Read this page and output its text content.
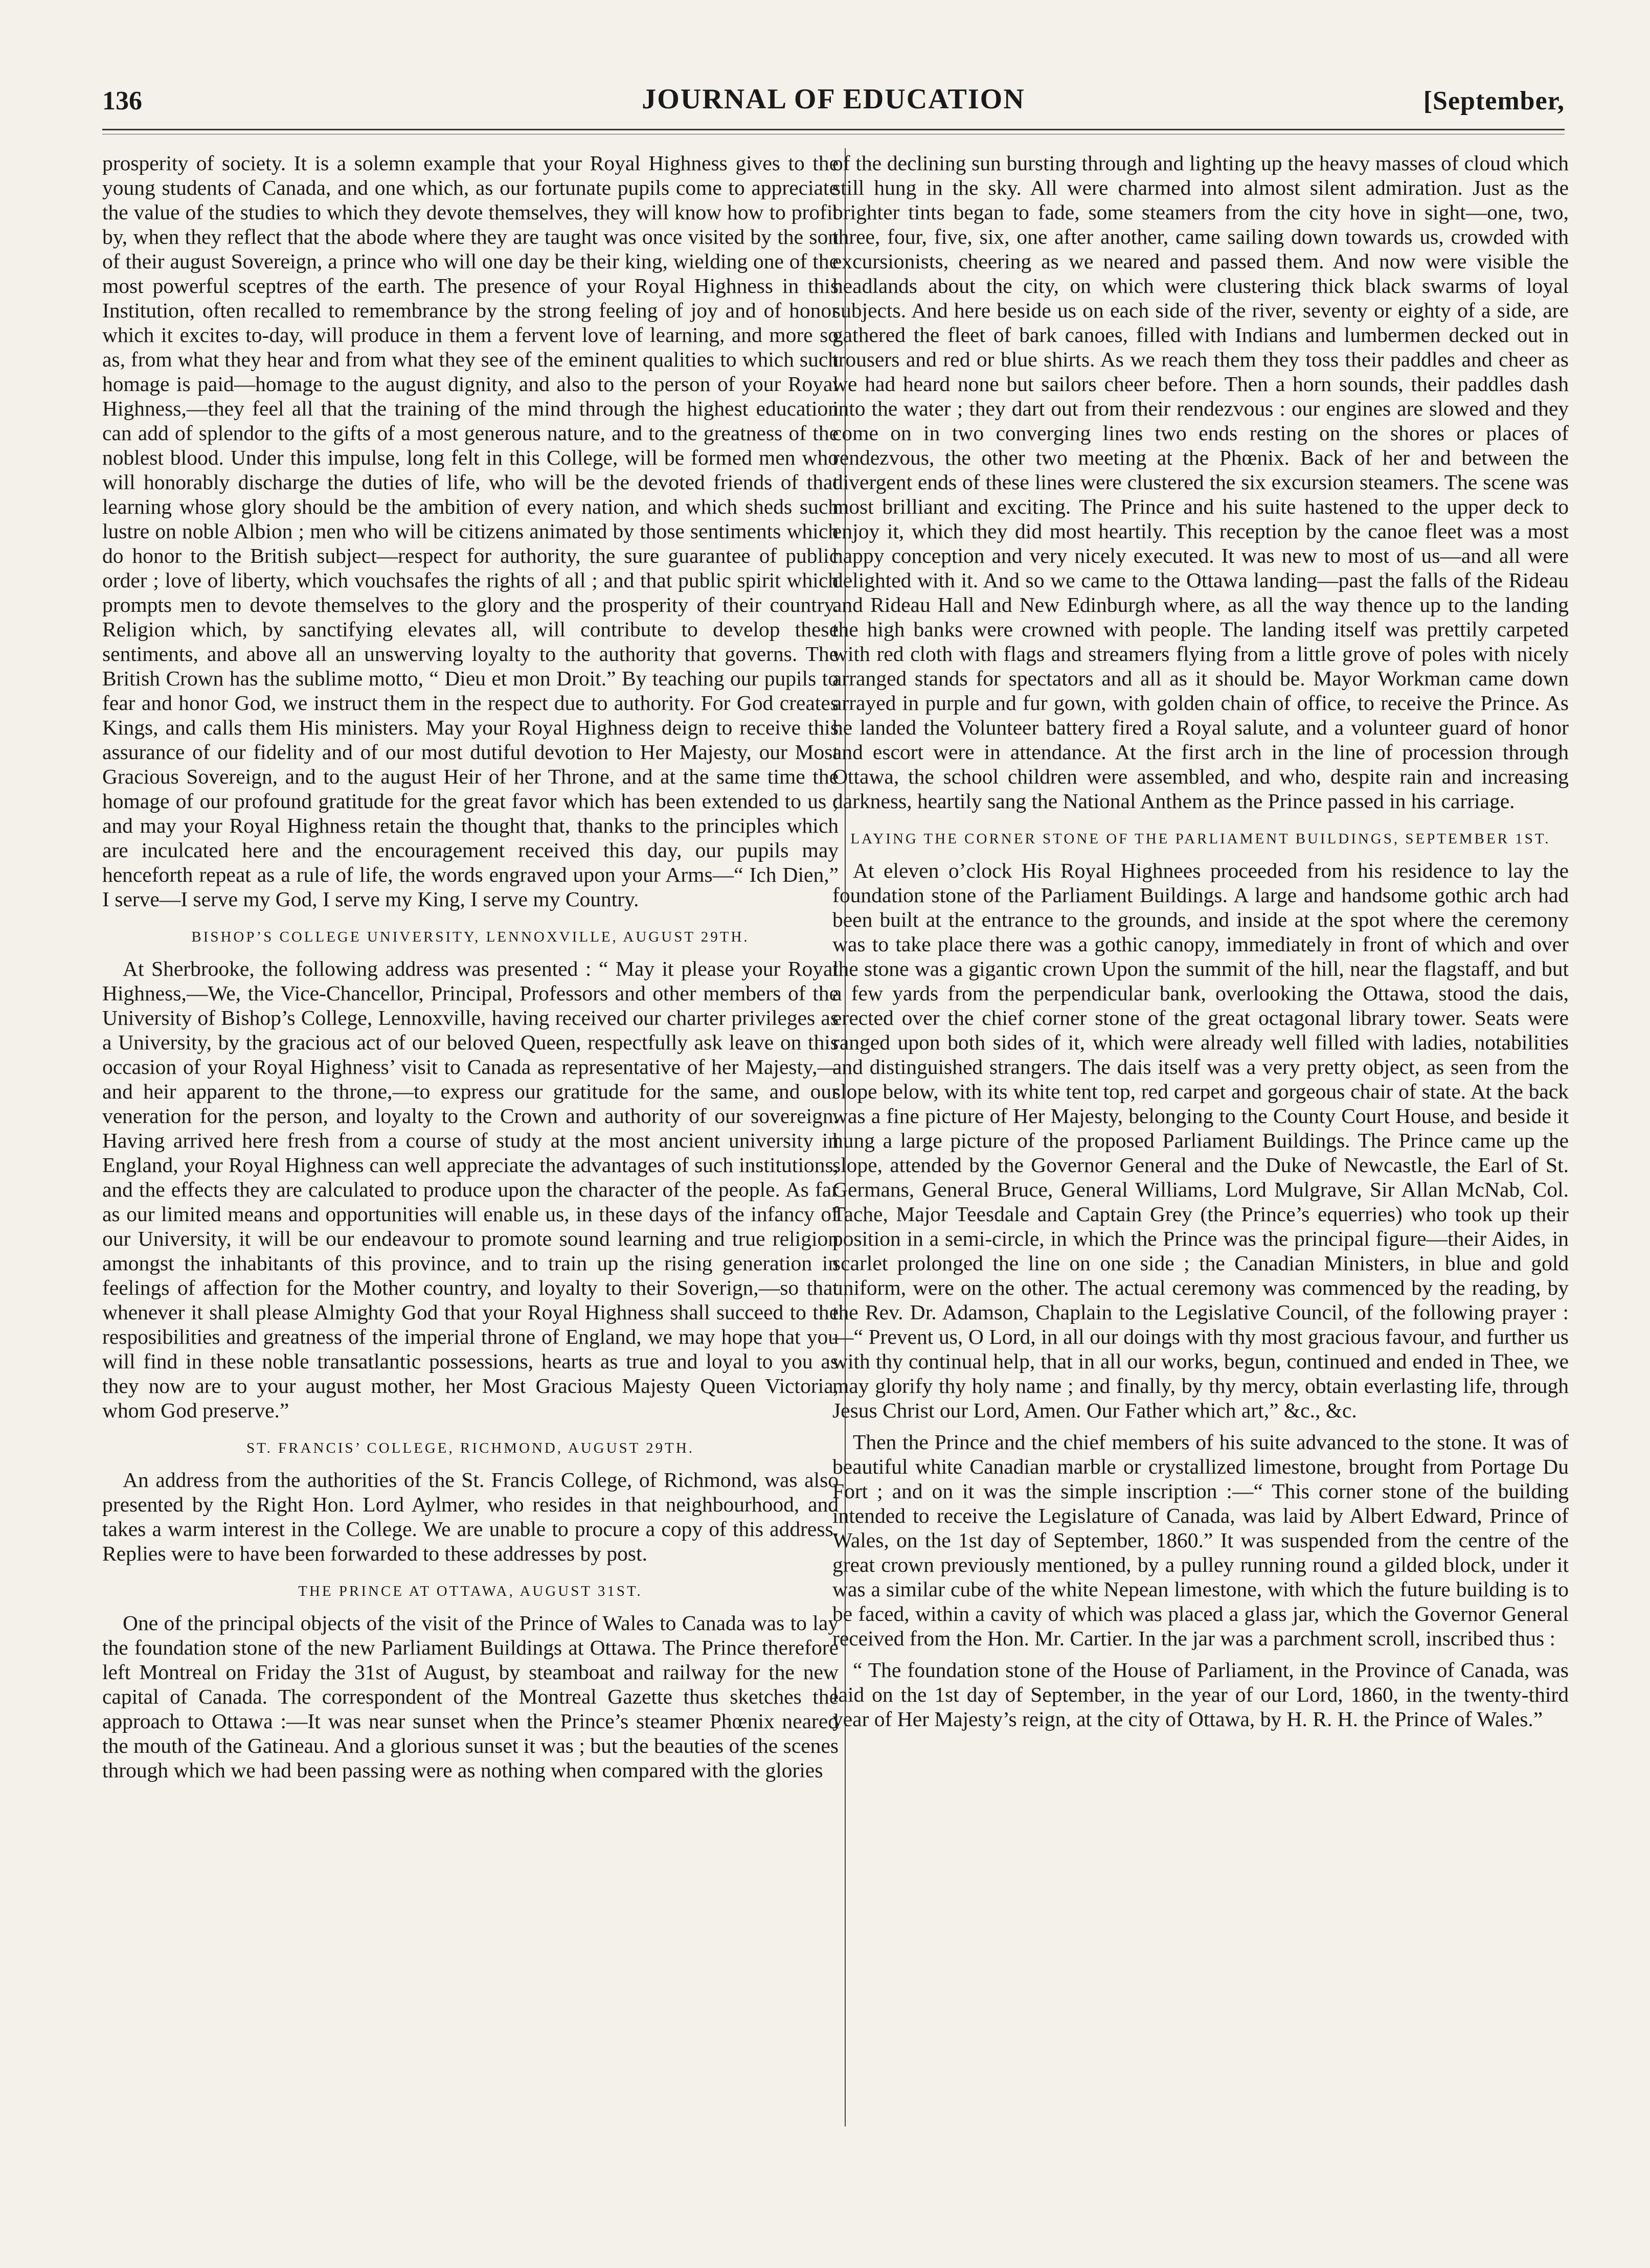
136	JOURNAL OF EDUCATION	[September,

prosperity of society. It is a solemn example that your Royal Highness gives to the young students of Canada, and one which, as our fortunate pupils come to appreciate the value of the studies to which they devote themselves, they will know how to profit by, when they reflect that the abode where they are taught was once visited by the son of their august Sovereign, a prince who will one day be their king, wielding one of the most powerful sceptres of the earth. The presence of your Royal Highness in this Institution, often recalled to remembrance by the strong feeling of joy and of honor which it excites to-day, will produce in them a fervent love of learning, and more so as, from what they hear and from what they see of the eminent qualities to which such homage is paid—homage to the august dignity, and also to the person of your Royal Highness,—they feel all that the training of the mind through the highest education can add of splendor to the gifts of a most generous nature, and to the greatness of the noblest blood. Under this impulse, long felt in this College, will be formed men who will honorably discharge the duties of life, who will be the devoted friends of that learning whose glory should be the ambition of every nation, and which sheds such lustre on noble Albion ; men who will be citizens animated by those sentiments which do honor to the British subject—respect for authority, the sure guarantee of public order ; love of liberty, which vouchsafes the rights of all ; and that public spirit which prompts men to devote themselves to the glory and the prosperity of their country. Religion which, by sanctifying elevates all, will contribute to develop these sentiments, and above all an unswerving loyalty to the authority that governs. The British Crown has the sublime motto, “ Dieu et mon Droit.” By teaching our pupils to fear and honor God, we instruct them in the respect due to authority. For God creates Kings, and calls them His ministers. May your Royal Highness deign to receive this assurance of our fidelity and of our most dutiful devotion to Her Majesty, our Most Gracious Sovereign, and to the august Heir of her Throne, and at the same time the homage of our profound gratitude for the great favor which has been extended to us ; and may your Royal Highness retain the thought that, thanks to the principles which are inculcated here and the encouragement received this day, our pupils may henceforth repeat as a rule of life, the words engraved upon your Arms—“ Ich Dien,” I serve—I serve my God, I serve my King, I serve my Country.

BISHOP’S COLLEGE UNIVERSITY, LENNOXVILLE, AUGUST 29TH.

At Sherbrooke, the following address was presented : “ May it please your Royal Highness,—We, the Vice-Chancellor, Principal, Professors and other members of the University of Bishop’s College, Lennoxville, having received our charter privileges as a University, by the gracious act of our beloved Queen, respectfully ask leave on this occasion of your Royal Highness’ visit to Canada as representative of her Majesty,—and heir apparent to the throne,—to express our gratitude for the same, and our veneration for the person, and loyalty to the Crown and authority of our sovereign. Having arrived here fresh from a course of study at the most ancient university in England, your Royal Highness can well appreciate the advantages of such institutions, and the effects they are calculated to produce upon the character of the people. As far as our limited means and opportunities will enable us, in these days of the infancy of our University, it will be our endeavour to promote sound learning and true religion amongst the inhabitants of this province, and to train up the rising generation in feelings of affection for the Mother country, and loyalty to their Soverign,—so that whenever it shall please Almighty God that your Royal Highness shall succeed to the resposibilities and greatness of the imperial throne of England, we may hope that you will find in these noble transatlantic possessions, hearts as true and loyal to you as they now are to your august mother, her Most Gracious Majesty Queen Victoria, whom God preserve.”

ST. FRANCIS’ COLLEGE, RICHMOND, AUGUST 29TH.

An address from the authorities of the St. Francis College, of Richmond, was also presented by the Right Hon. Lord Aylmer, who resides in that neighbourhood, and takes a warm interest in the College. We are unable to procure a copy of this address. Replies were to have been forwarded to these addresses by post.

THE PRINCE AT OTTAWA, AUGUST 31ST.

One of the principal objects of the visit of the Prince of Wales to Canada was to lay the foundation stone of the new Parliament Buildings at Ottawa. The Prince therefore left Montreal on Friday the 31st of August, by steamboat and railway for the new capital of Canada. The correspondent of the Montreal Gazette thus sketches the approach to Ottawa :—It was near sunset when the Prince’s steamer Phœnix neared the mouth of the Gatineau. And a glorious sunset it was ; but the beauties of the scenes through which we had been passing were as nothing when compared with the glories

of the declining sun bursting through and lighting up the heavy masses of cloud which still hung in the sky. All were charmed into almost silent admiration. Just as the brighter tints began to fade, some steamers from the city hove in sight—one, two, three, four, five, six, one after another, came sailing down towards us, crowded with excursionists, cheering as we neared and passed them. And now were visible the headlands about the city, on which were clustering thick black swarms of loyal subjects. And here beside us on each side of the river, seventy or eighty of a side, are gathered the fleet of bark canoes, filled with Indians and lumbermen decked out in trousers and red or blue shirts. As we reach them they toss their paddles and cheer as we had heard none but sailors cheer before. Then a horn sounds, their paddles dash into the water ; they dart out from their rendezvous : our engines are slowed and they come on in two converging lines two ends resting on the shores or places of rendezvous, the other two meeting at the Phœnix. Back of her and between the divergent ends of these lines were clustered the six excursion steamers. The scene was most brilliant and exciting. The Prince and his suite hastened to the upper deck to enjoy it, which they did most heartily. This reception by the canoe fleet was a most happy conception and very nicely executed. It was new to most of us—and all were delighted with it. And so we came to the Ottawa landing—past the falls of the Rideau and Rideau Hall and New Edinburgh where, as all the way thence up to the landing the high banks were crowned with people. The landing itself was prettily carpeted with red cloth with flags and streamers flying from a little grove of poles with nicely arranged stands for spectators and all as it should be. Mayor Workman came down arrayed in purple and fur gown, with golden chain of office, to receive the Prince. As he landed the Volunteer battery fired a Royal salute, and a volunteer guard of honor and escort were in attendance. At the first arch in the line of procession through Ottawa, the school children were assembled, and who, despite rain and increasing darkness, heartily sang the National Anthem as the Prince passed in his carriage.

LAYING THE CORNER STONE OF THE PARLIAMENT BUILDINGS, SEPTEMBER 1ST.

At eleven o’clock His Royal Highnees proceeded from his residence to lay the foundation stone of the Parliament Buildings. A large and handsome gothic arch had been built at the entrance to the grounds, and inside at the spot where the ceremony was to take place there was a gothic canopy, immediately in front of which and over the stone was a gigantic crown Upon the summit of the hill, near the flagstaff, and but a few yards from the perpendicular bank, overlooking the Ottawa, stood the dais, erected over the chief corner stone of the great octagonal library tower. Seats were ranged upon both sides of it, which were already well filled with ladies, notabilities and distinguished strangers. The dais itself was a very pretty object, as seen from the slope below, with its white tent top, red carpet and gorgeous chair of state. At the back was a fine picture of Her Majesty, belonging to the County Court House, and beside it hung a large picture of the proposed Parliament Buildings. The Prince came up the slope, attended by the Governor General and the Duke of Newcastle, the Earl of St. Germans, General Bruce, General Williams, Lord Mulgrave, Sir Allan McNab, Col. Tache, Major Teesdale and Captain Grey (the Prince’s equerries) who took up their position in a semi-circle, in which the Prince was the principal figure—their Aides, in scarlet prolonged the line on one side ; the Canadian Ministers, in blue and gold uniform, were on the other. The actual ceremony was commenced by the reading, by the Rev. Dr. Adamson, Chaplain to the Legislative Council, of the following prayer :—“ Prevent us, O Lord, in all our doings with thy most gracious favour, and further us with thy continual help, that in all our works, begun, continued and ended in Thee, we may glorify thy holy name ; and finally, by thy mercy, obtain everlasting life, through Jesus Christ our Lord, Amen. Our Father which art,” &c., &c.

Then the Prince and the chief members of his suite advanced to the stone. It was of beautiful white Canadian marble or crystallized limestone, brought from Portage Du Fort ; and on it was the simple inscription :—“ This corner stone of the building intended to receive the Legislature of Canada, was laid by Albert Edward, Prince of Wales, on the 1st day of September, 1860.” It was suspended from the centre of the great crown previously mentioned, by a pulley running round a gilded block, under it was a similar cube of the white Nepean limestone, with which the future building is to be faced, within a cavity of which was placed a glass jar, which the Governor General received from the Hon. Mr. Cartier. In the jar was a parchment scroll, inscribed thus :

“ The foundation stone of the House of Parliament, in the Province of Canada, was laid on the 1st day of September, in the year of our Lord, 1860, in the twenty-third year of Her Majesty’s reign, at the city of Ottawa, by H. R. H. the Prince of Wales.”
